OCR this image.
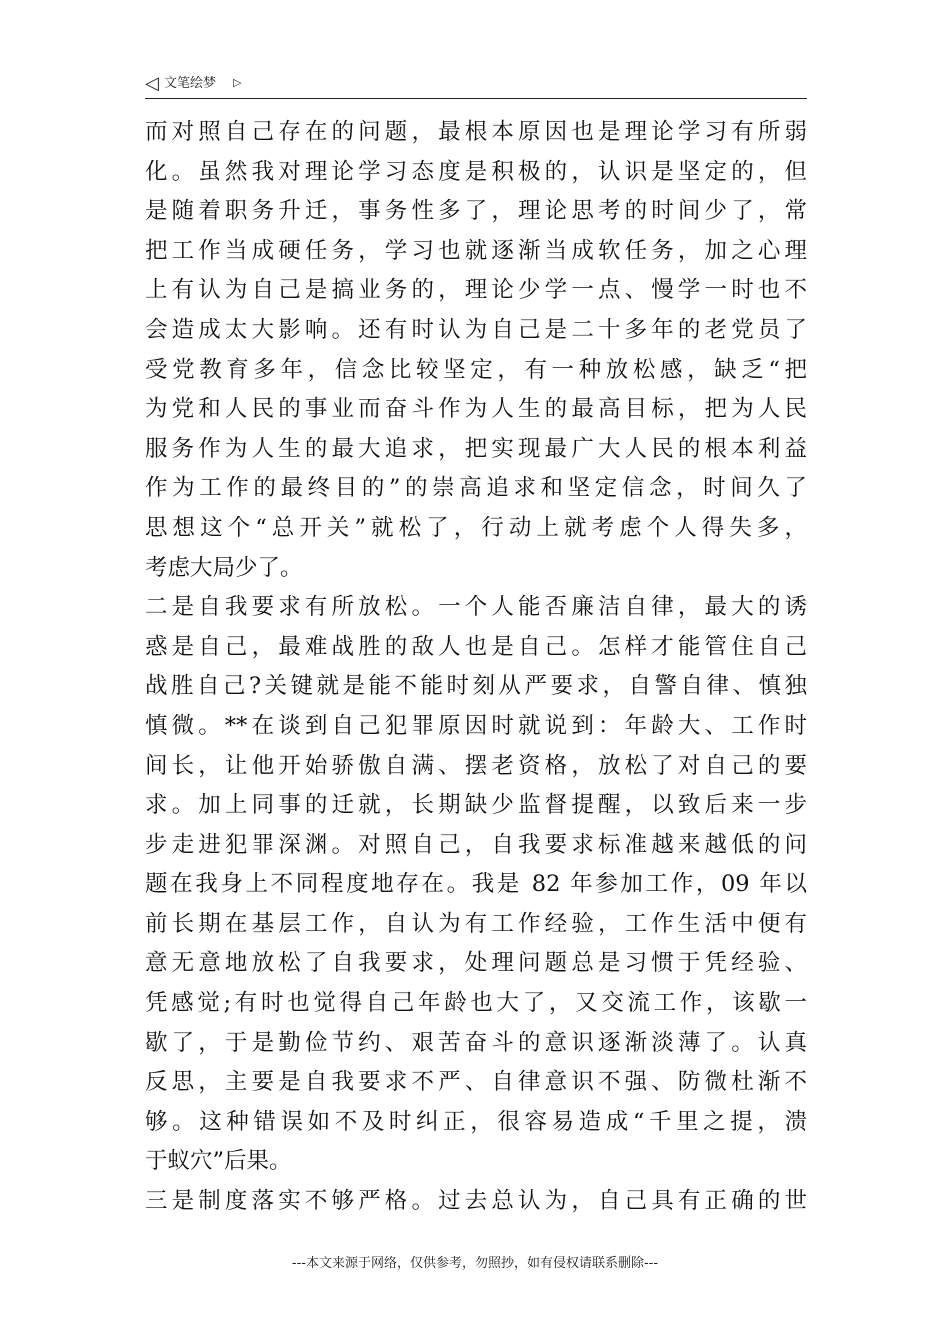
◁ 文笔绘梦 ▷
而对照自己存在的问题，最根本原因也是理论学习有所弱
化。虽然我对理论学习态度是积极的，认识是坚定的，但
是随着职务升迁，事务性多了，理论思考的时间少了，常
把工作当成硬任务，学习也就逐渐当成软任务，加之心理
上有认为自己是搞业务的，理论少学一点、慢学一时也不
会造成太大影响。还有时认为自己是二十多年的老党员了
受党教育多年，信念比较坚定，有一种放松感，缺乏“把
为党和人民的事业而奋斗作为人生的最高目标，把为人民
服务作为人生的最大追求，把实现最广大人民的根本利益
作为工作的最终目的”的崇高追求和坚定信念，时间久了
思想这个“总开关”就松了，行动上就考虑个人得失多，
考虑大局少了。
二是自我要求有所放松。一个人能否廉洁自律，最大的诱
惑是自己，最难战胜的敌人也是自己。怎样才能管住自己
战胜自己?关键就是能不能时刻从严要求，自警自律、慎独
慎微。**在谈到自己犯罪原因时就说到：年龄大、工作时
间长，让他开始骄傲自满、摆老资格，放松了对自己的要
求。加上同事的迁就，长期缺少监督提醒，以致后来一步
步走进犯罪深渊。对照自己，自我要求标准越来越低的问
题在我身上不同程度地存在。我是 82 年参加工作，09 年以
前长期在基层工作，自认为有工作经验，工作生活中便有
意无意地放松了自我要求，处理问题总是习惯于凭经验、
凭感觉;有时也觉得自己年龄也大了，又交流工作，该歇一
歇了，于是勤俭节约、艰苦奋斗的意识逐渐淡薄了。认真
反思，主要是自我要求不严、自律意识不强、防微杜渐不
够。这种错误如不及时纠正，很容易造成“千里之提，溃
于蚁穴”后果。
三是制度落实不够严格。过去总认为，自己具有正确的世
---本文来源于网络，仅供参考，勿照抄，如有侵权请联系删除---
